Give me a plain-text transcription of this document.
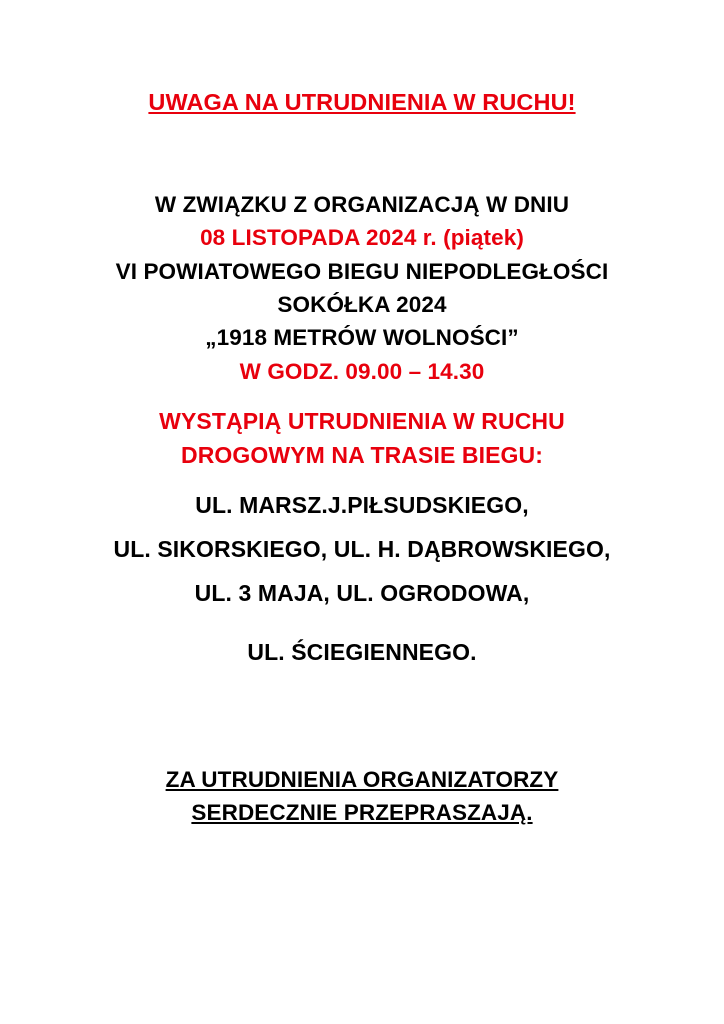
UWAGA NA UTRUDNIENIA W RUCHU!
W ZWIĄZKU Z ORGANIZACJĄ W DNIU
08 LISTOPADA 2024 r. (piątek)
VI POWIATOWEGO BIEGU NIEPODLEGŁOŚCI
SOKÓŁKA 2024
„1918 METRÓW WOLNOŚCI”
W GODZ. 09.00 – 14.30
WYSTĄPIĄ UTRUDNIENIA W RUCHU
DROGOWYM NA TRASIE BIEGU:
UL. MARSZ.J.PIŁSUDSKIEGO,
UL. SIKORSKIEGO, UL. H. DĄBROWSKIEGO,
UL. 3 MAJA, UL. OGRODOWA,
UL. ŚCIEGIENNEGO.
ZA UTRUDNIENIA ORGANIZATORZY
SERDECZNIE PRZEPRASZAJĄ.
